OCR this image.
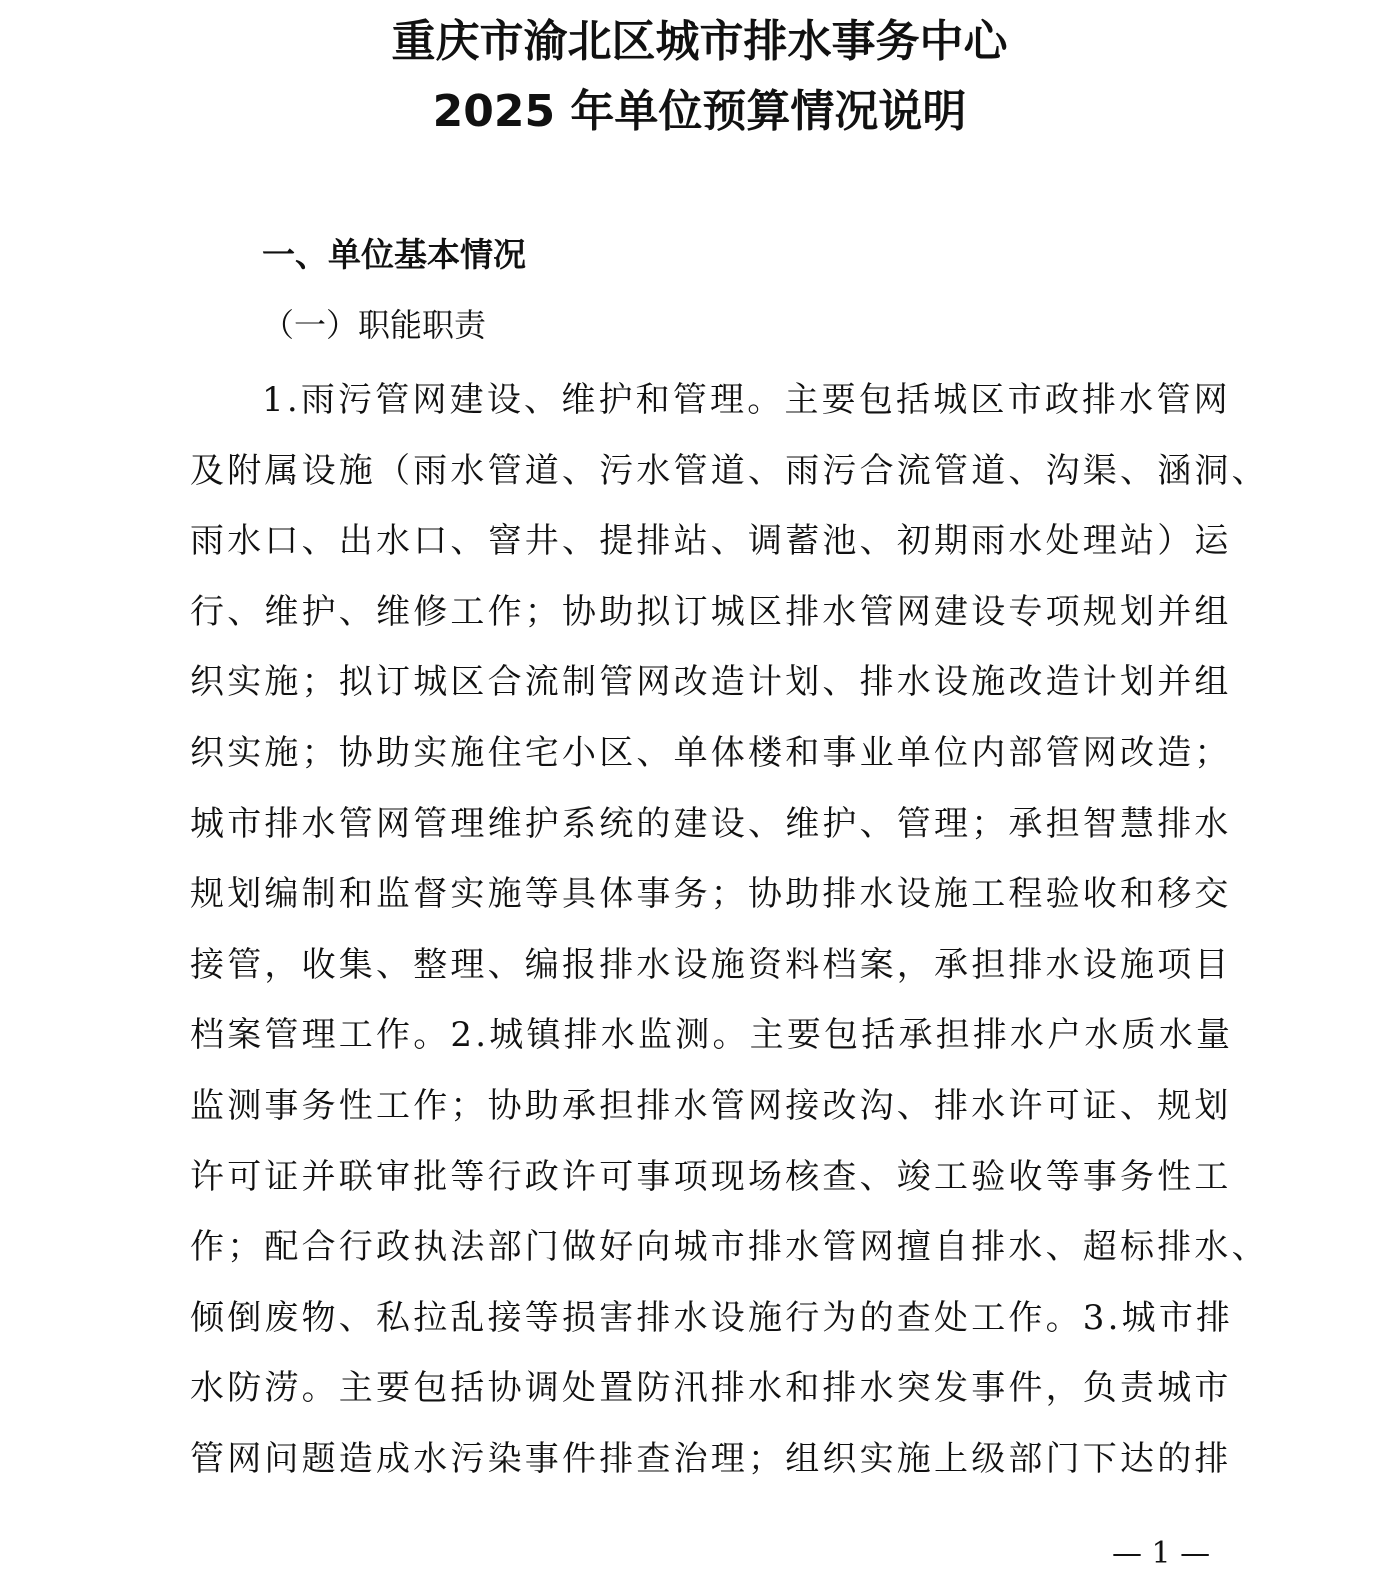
重庆市渝北区城市排水事务中心
2025 年单位预算情况说明
一、单位基本情况
（一）职能职责
1.雨污管网建设、维护和管理。主要包括城区市政排水管网
及附属设施（雨水管道、污水管道、雨污合流管道、沟渠、涵洞、
雨水口、出水口、窨井、提排站、调蓄池、初期雨水处理站）运
行、维护、维修工作；协助拟订城区排水管网建设专项规划并组
织实施；拟订城区合流制管网改造计划、排水设施改造计划并组
织实施；协助实施住宅小区、单体楼和事业单位内部管网改造；
城市排水管网管理维护系统的建设、维护、管理；承担智慧排水
规划编制和监督实施等具体事务；协助排水设施工程验收和移交
接管，收集、整理、编报排水设施资料档案，承担排水设施项目
档案管理工作。2.城镇排水监测。主要包括承担排水户水质水量
监测事务性工作；协助承担排水管网接改沟、排水许可证、规划
许可证并联审批等行政许可事项现场核查、竣工验收等事务性工
作；配合行政执法部门做好向城市排水管网擅自排水、超标排水、
倾倒废物、私拉乱接等损害排水设施行为的查处工作。3.城市排
水防涝。主要包括协调处置防汛排水和排水突发事件，负责城市
管网问题造成水污染事件排查治理；组织实施上级部门下达的排
— 1 —
